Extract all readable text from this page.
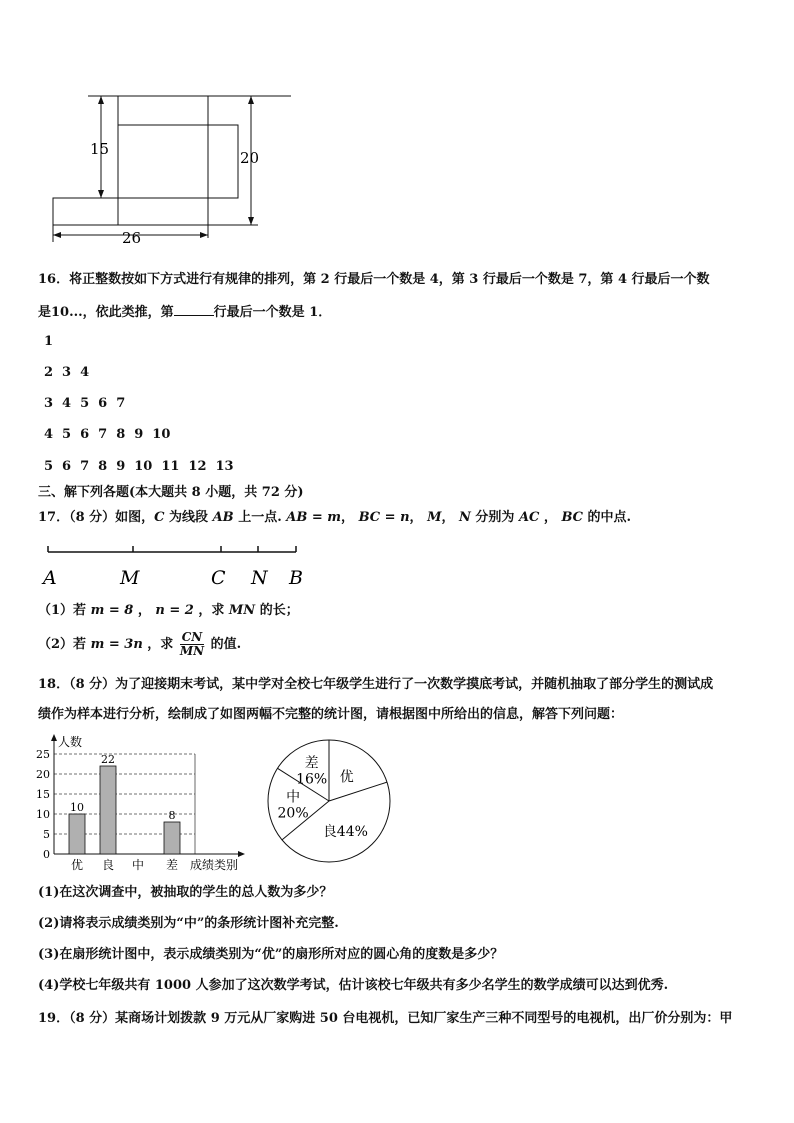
15	20
26
16．将正整数按如下方式进行有规律的排列，第 2 行最后一个数是 4，第 3 行最后一个数是 7，第 4 行最后一个数
是10...，依此类推，第	行最后一个数是 1．
1
2 3 4
3 4 5 6 7
4 5 6 7 8 9 10
5 6 7 8 9 10 11 12 13
三、解下列各题(本大题共 8 小题，共 72 分)
17．（8 分）如图，C 为线段 AB 上一点. AB = m， BC = n， M， N 分别为 AC ， BC 的中点.
A	M	C N B
（1）若 m = 8 ， n = 2 ，求 MN 的长；
（2）若 m = 3n ，求 $\frac{CN}{MN}$ 的值.
18．（8 分）为了迎接期末考试，某中学对全校七年级学生进行了一次数学摸底考试，并随机抽取了部分学生的测试成
绩作为样本进行分析，绘制成了如图两幅不完整的统计图，请根据图中所给出的信息，解答下列问题：
0
5
10
15
20
25
人数
成绩类别
优
10
良
22
中 差
8
优
良44%
中
20%
差
16%
(1)在这次调查中，被抽取的学生的总人数为多少？
(2)请将表示成绩类别为“中”的条形统计图补充完整.
(3)在扇形统计图中，表示成绩类别为“优”的扇形所对应的圆心角的度数是多少？
(4)学校七年级共有 1000 人参加了这次数学考试，估计该校七年级共有多少名学生的数学成绩可以达到优秀.
19．（8 分）某商场计划拨款 9 万元从厂家购进 50 台电视机，已知厂家生产三种不同型号的电视机，出厂价分别为：甲
